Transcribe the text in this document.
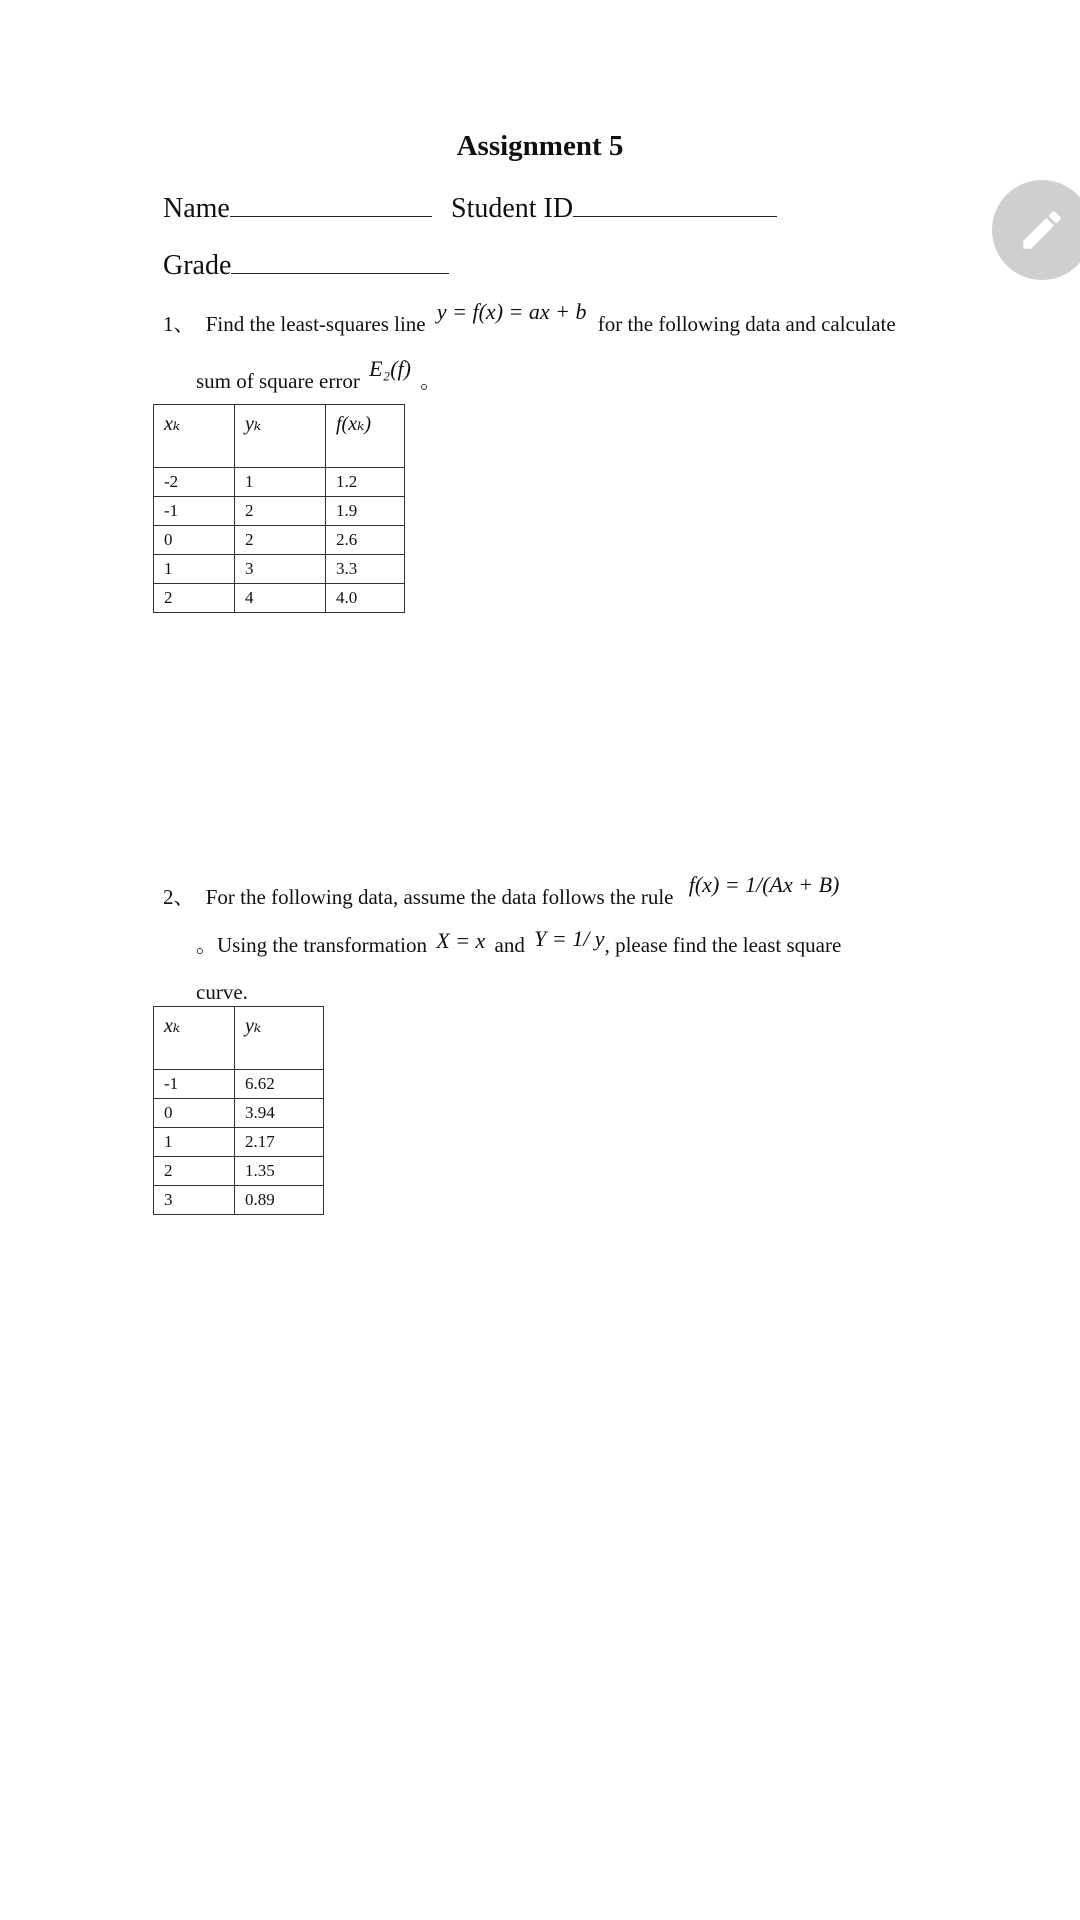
Assignment 5
Name	Student ID
Grade
1、 Find the least-squares line y = f(x) = ax + b for the following data and calculate
sum of square error E₂(f) 。
xₖ	yₖ	f(xₖ)
-2	1	1.2
-1	2	1.9
0	2	2.6
1	3	3.3
2	4	4.0
2、 For the following data, assume the data follows the rule f(x) = 1/(Ax + B)
。Using the transformation X = x and Y = 1/ y, please find the least square
curve.
xₖ	yₖ
-1	6.62
0	3.94
1	2.17
2	1.35
3	0.89
